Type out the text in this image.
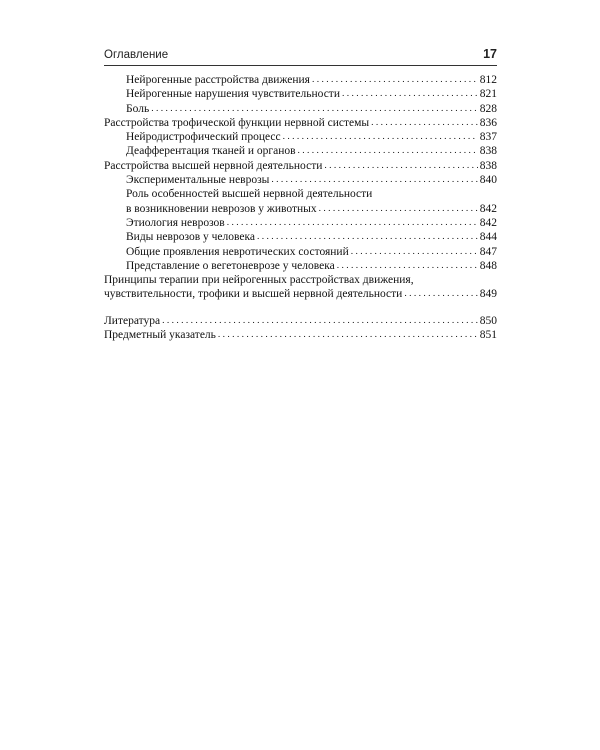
Оглавление	17
Нейрогенные расстройства движения . . .	812
Нейрогенные нарушения чувствительности . . .	821
Боль . . .	828
Расстройства трофической функции нервной системы . . .	836
Нейродистрофический процесс . . .	837
Деафферентация тканей и органов . . .	838
Расстройства высшей нервной деятельности . . .	838
Экспериментальные неврозы . . .	840
Роль особенностей высшей нервной деятельности
в возникновении неврозов у животных . . .	842
Этиология неврозов . . .	842
Виды неврозов у человека . . .	844
Общие проявления невротических состояний . . .	847
Представление о вегетоневрозе у человека . . .	848
Принципы терапии при нейрогенных расстройствах движения,
чувствительности, трофики и высшей нервной деятельности . . .	849
Литература . . .	850
Предметный указатель . . .	851
